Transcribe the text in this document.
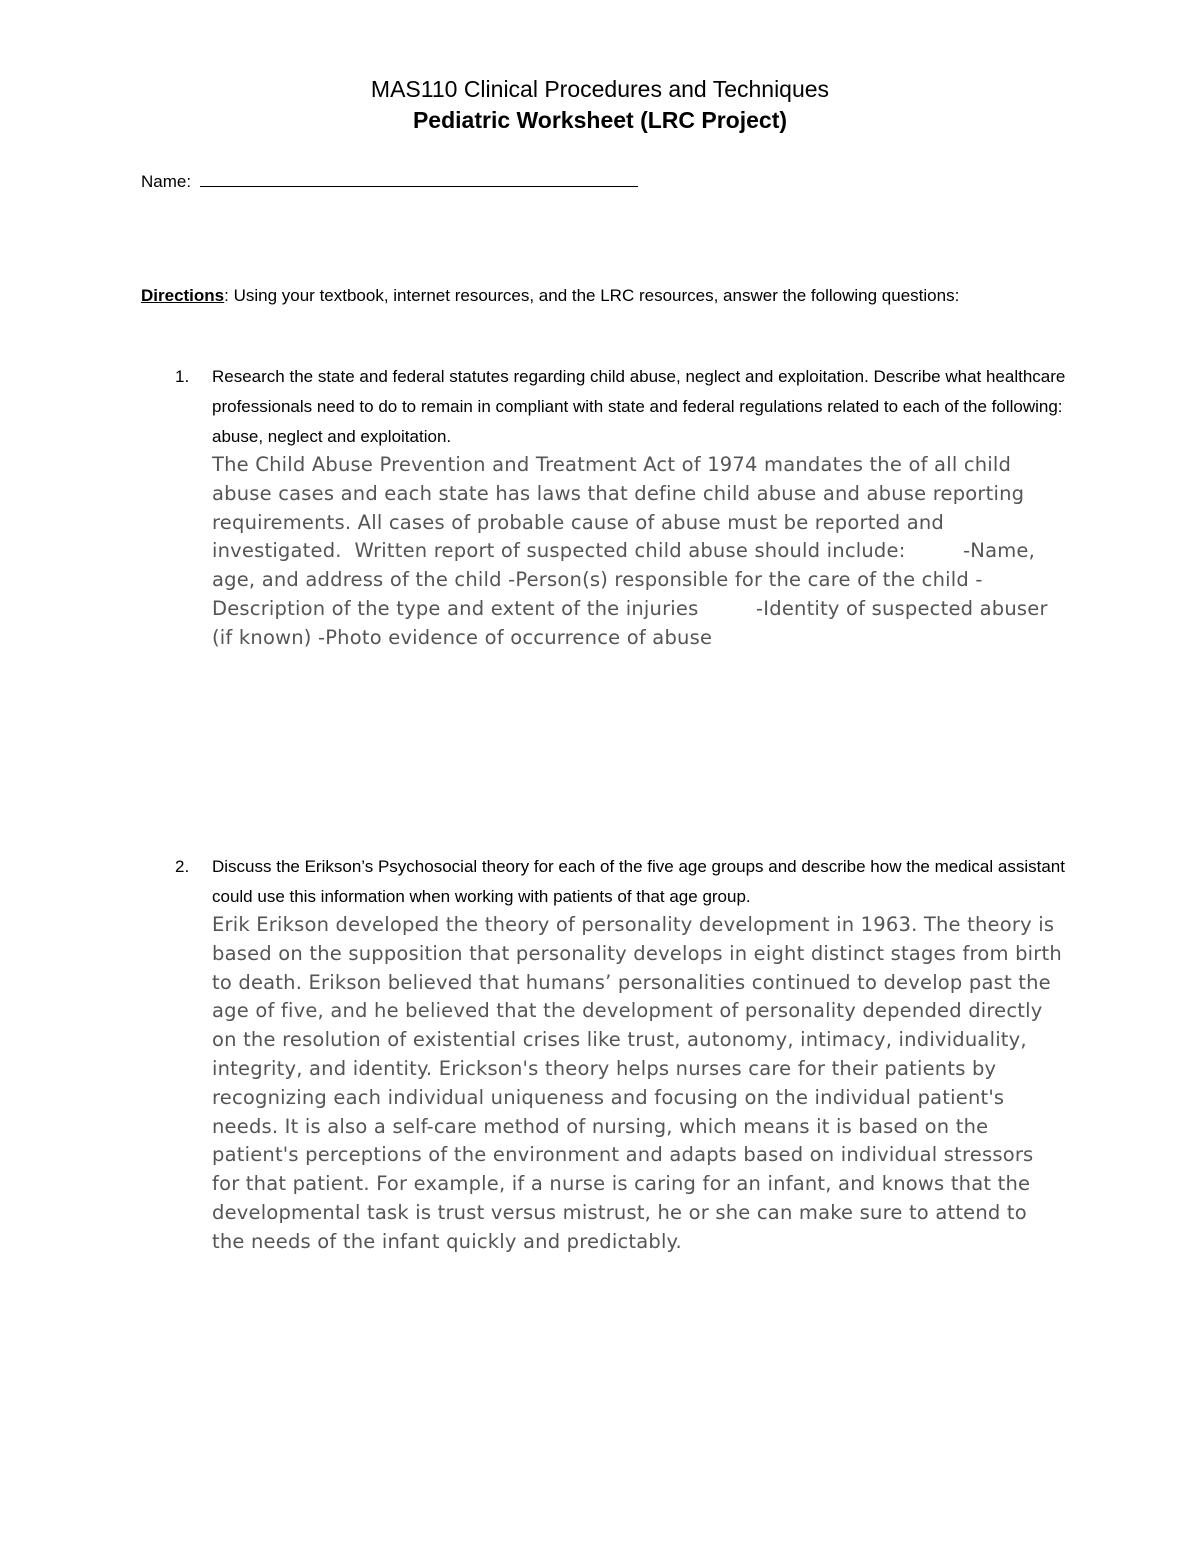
MAS110 Clinical Procedures and Techniques
Pediatric Worksheet (LRC Project)
Name:
Directions: Using your textbook, internet resources, and the LRC resources, answer the following questions:
1. Research the state and federal statutes regarding child abuse, neglect and exploitation. Describe what healthcare professionals need to do to remain in compliant with state and federal regulations related to each of the following: abuse, neglect and exploitation.
The Child Abuse Prevention and Treatment Act of 1974 mandates the of all child abuse cases and each state has laws that define child abuse and abuse reporting requirements. All cases of probable cause of abuse must be reported and investigated.  Written report of suspected child abuse should include:         -Name, age, and address of the child -Person(s) responsible for the care of the child -Description of the type and extent of the injuries         -Identity of suspected abuser (if known) -Photo evidence of occurrence of abuse
2. Discuss the Erikson’s Psychosocial theory for each of the five age groups and describe how the medical assistant could use this information when working with patients of that age group.
Erik Erikson developed the theory of personality development in 1963. The theory is based on the supposition that personality develops in eight distinct stages from birth to death. Erikson believed that humans’ personalities continued to develop past the age of five, and he believed that the development of personality depended directly on the resolution of existential crises like trust, autonomy, intimacy, individuality, integrity, and identity. Erickson's theory helps nurses care for their patients by recognizing each individual uniqueness and focusing on the individual patient's needs. It is also a self-care method of nursing, which means it is based on the patient's perceptions of the environment and adapts based on individual stressors for that patient. For example, if a nurse is caring for an infant, and knows that the developmental task is trust versus mistrust, he or she can make sure to attend to the needs of the infant quickly and predictably.
